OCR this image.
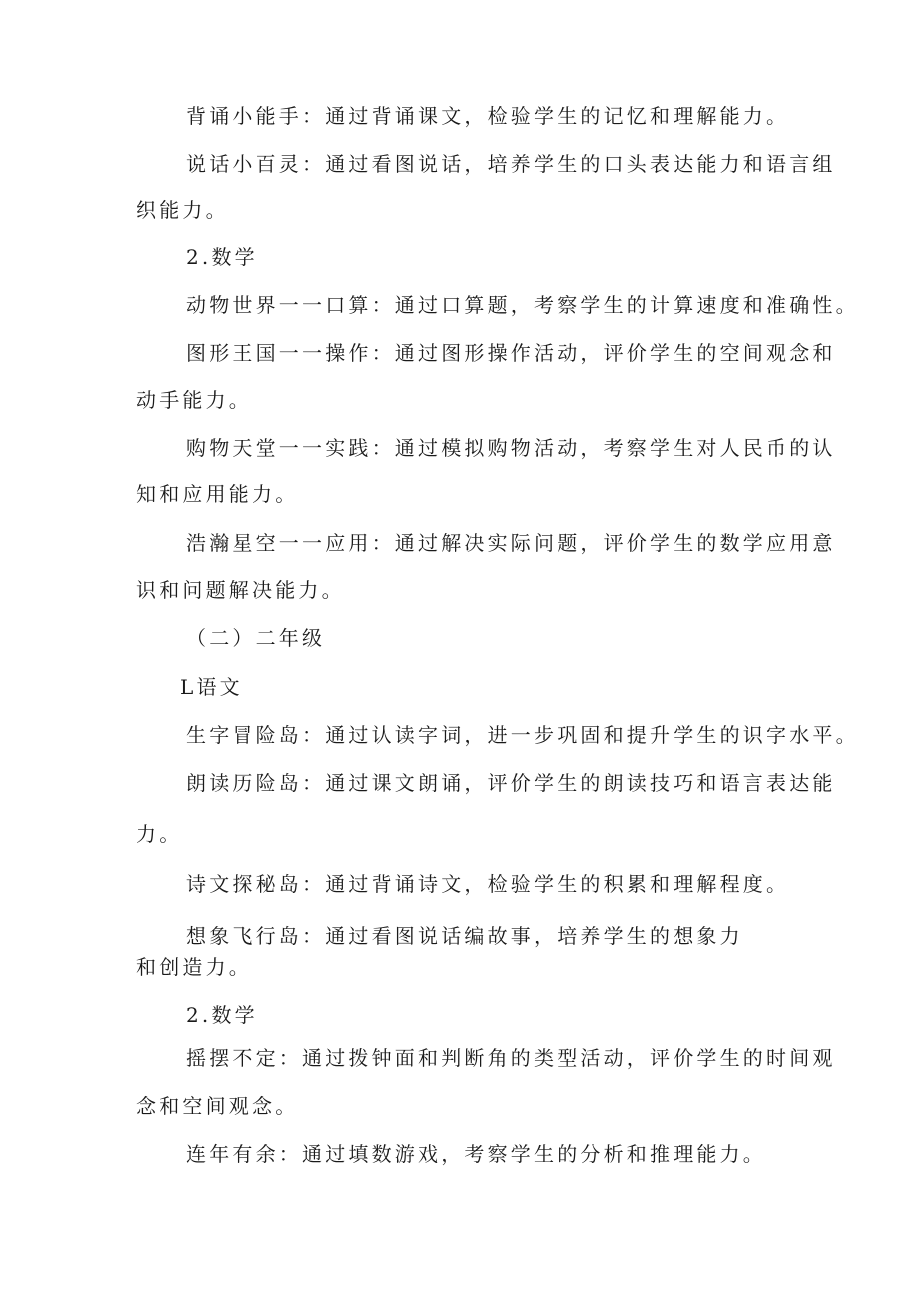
背诵小能手：通过背诵课文，检验学生的记忆和理解能力。
说话小百灵：通过看图说话，培养学生的口头表达能力和语言组
织能力。
2.数学
动物世界一一口算：通过口算题，考察学生的计算速度和准确性。
图形王国一一操作：通过图形操作活动，评价学生的空间观念和
动手能力。
购物天堂一一实践：通过模拟购物活动，考察学生对人民币的认
知和应用能力。
浩瀚星空一一应用：通过解决实际问题，评价学生的数学应用意
识和问题解决能力。
（二）二年级
L语文
生字冒险岛：通过认读字词，进一步巩固和提升学生的识字水平。
朗读历险岛：通过课文朗诵，评价学生的朗读技巧和语言表达能
力。
诗文探秘岛：通过背诵诗文，检验学生的积累和理解程度。
想象飞行岛：通过看图说话编故事，培养学生的想象力
和创造力。
2.数学
摇摆不定：通过拨钟面和判断角的类型活动，评价学生的时间观
念和空间观念。
连年有余：通过填数游戏，考察学生的分析和推理能力。
